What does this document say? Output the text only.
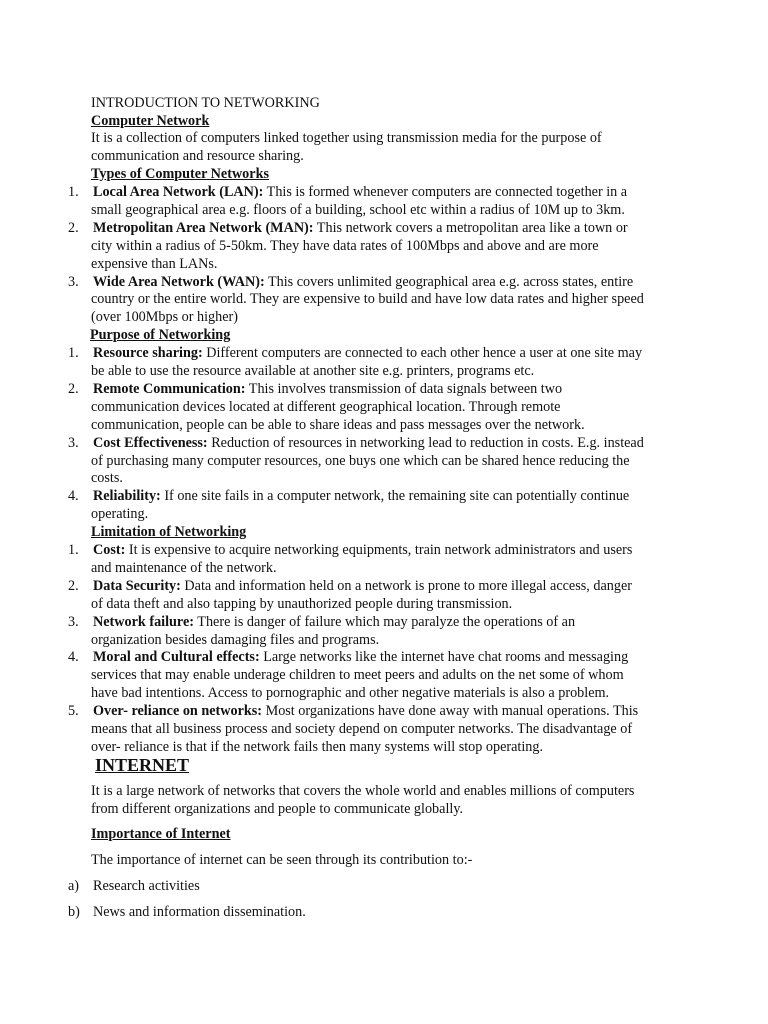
INTRODUCTION TO NETWORKING
Computer Network
It is a collection of computers linked together using transmission media for the purpose of
communication and resource sharing.
Types of Computer Networks
1. Local Area Network (LAN): This is formed whenever computers are connected together in a
small geographical area e.g. floors of a building, school etc within a radius of 10M up to 3km.
2. Metropolitan Area Network (MAN): This network covers a metropolitan area like a town or
city within a radius of 5-50km. They have data rates of 100Mbps and above and are more
expensive than LANs.
3. Wide Area Network (WAN): This covers unlimited geographical area e.g. across states, entire
country or the entire world. They are expensive to build and have low data rates and higher speed
(over 100Mbps or higher)
Purpose of Networking
1. Resource sharing: Different computers are connected to each other hence a user at one site may
be able to use the resource available at another site e.g. printers, programs etc.
2. Remote Communication: This involves transmission of data signals between two
communication devices located at different geographical location. Through remote
communication, people can be able to share ideas and pass messages over the network.
3. Cost Effectiveness: Reduction of resources in networking lead to reduction in costs. E.g. instead
of purchasing many computer resources, one buys one which can be shared hence reducing the
costs.
4. Reliability: If one site fails in a computer network, the remaining site can potentially continue
operating.
Limitation of Networking
1. Cost: It is expensive to acquire networking equipments, train network administrators and users
and maintenance of the network.
2. Data Security: Data and information held on a network is prone to more illegal access, danger
of data theft and also tapping by unauthorized people during transmission.
3. Network failure: There is danger of failure which may paralyze the operations of an
organization besides damaging files and programs.
4. Moral and Cultural effects: Large networks like the internet have chat rooms and messaging
services that may enable underage children to meet peers and adults on the net some of whom
have bad intentions. Access to pornographic and other negative materials is also a problem.
5. Over- reliance on networks: Most organizations have done away with manual operations. This
means that all business process and society depend on computer networks. The disadvantage of
over- reliance is that if the network fails then many systems will stop operating.
INTERNET
It is a large network of networks that covers the whole world and enables millions of computers
from different organizations and people to communicate globally.
Importance of Internet
The importance of internet can be seen through its contribution to:-
a) Research activities
b) News and information dissemination.
